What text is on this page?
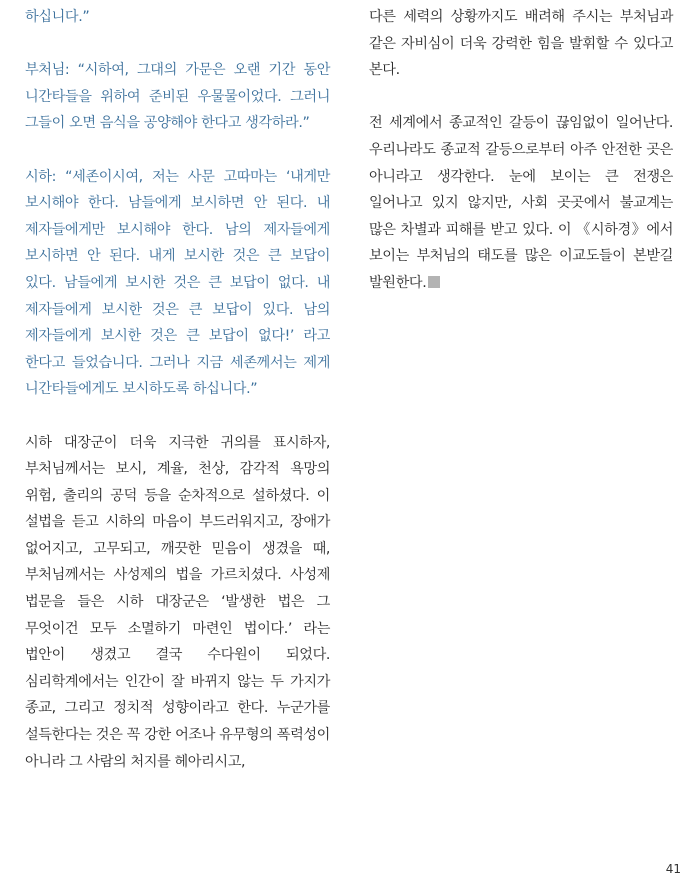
하십니다.”

부처님: “시하여, 그대의 가문은 오랜 기간 동안 니간타들을 위하여 준비된 우물물이었다. 그러니 그들이 오면 음식을 공양해야 한다고 생각하라.”

시하: “세존이시여, 저는 사문 고따마는 ‘내게만 보시해야 한다. 남들에게 보시하면 안 된다. 내 제자들에게만 보시해야 한다. 남의 제자들에게 보시하면 안 된다. 내게 보시한 것은 큰 보답이 있다. 남들에게 보시한 것은 큰 보답이 없다. 내 제자들에게 보시한 것은 큰 보답이 있다. 남의 제자들에게 보시한 것은 큰 보답이 없다!’ 라고 한다고 들었습니다. 그러나 지금 세존께서는 제게 니간타들에게도 보시하도록 하십니다.”

시하 대장군이 더욱 지극한 귀의를 표시하자, 부처님께서는 보시, 계율, 천상, 감각적 욕망의 위험, 출리의 공덕 등을 순차적으로 설하셨다. 이 설법을 듣고 시하의 마음이 부드러워지고, 장애가 없어지고, 고무되고, 깨끗한 믿음이 생겼을 때, 부처님께서는 사성제의 법을 가르치셨다. 사성제 법문을 들은 시하 대장군은 ‘발생한 법은 그 무엇이건 모두 소멸하기 마련인 법이다.’ 라는 법안이 생겼고 결국 수다원이 되었다. 심리학계에서는 인간이 잘 바뀌지 않는 두 가지가 종교, 그리고 정치적 성향이라고 한다. 누군가를 설득한다는 것은 꼭 강한 어조나 유무형의 폭력성이 아니라 그 사람의 처지를 헤아리시고,

다른 세력의 상황까지도 배려해 주시는 부처님과 같은 자비심이 더욱 강력한 힘을 발휘할 수 있다고 본다.

전 세계에서 종교적인 갈등이 끊임없이 일어난다. 우리나라도 종교적 갈등으로부터 아주 안전한 곳은 아니라고 생각한다. 눈에 보이는 큰 전쟁은 일어나고 있지 않지만, 사회 곳곳에서 불교계는 많은 차별과 피해를 받고 있다. 이 《시하경》에서 보이는 부처님의 태도를 많은 이교도들이 본받길 발원한다.

41
